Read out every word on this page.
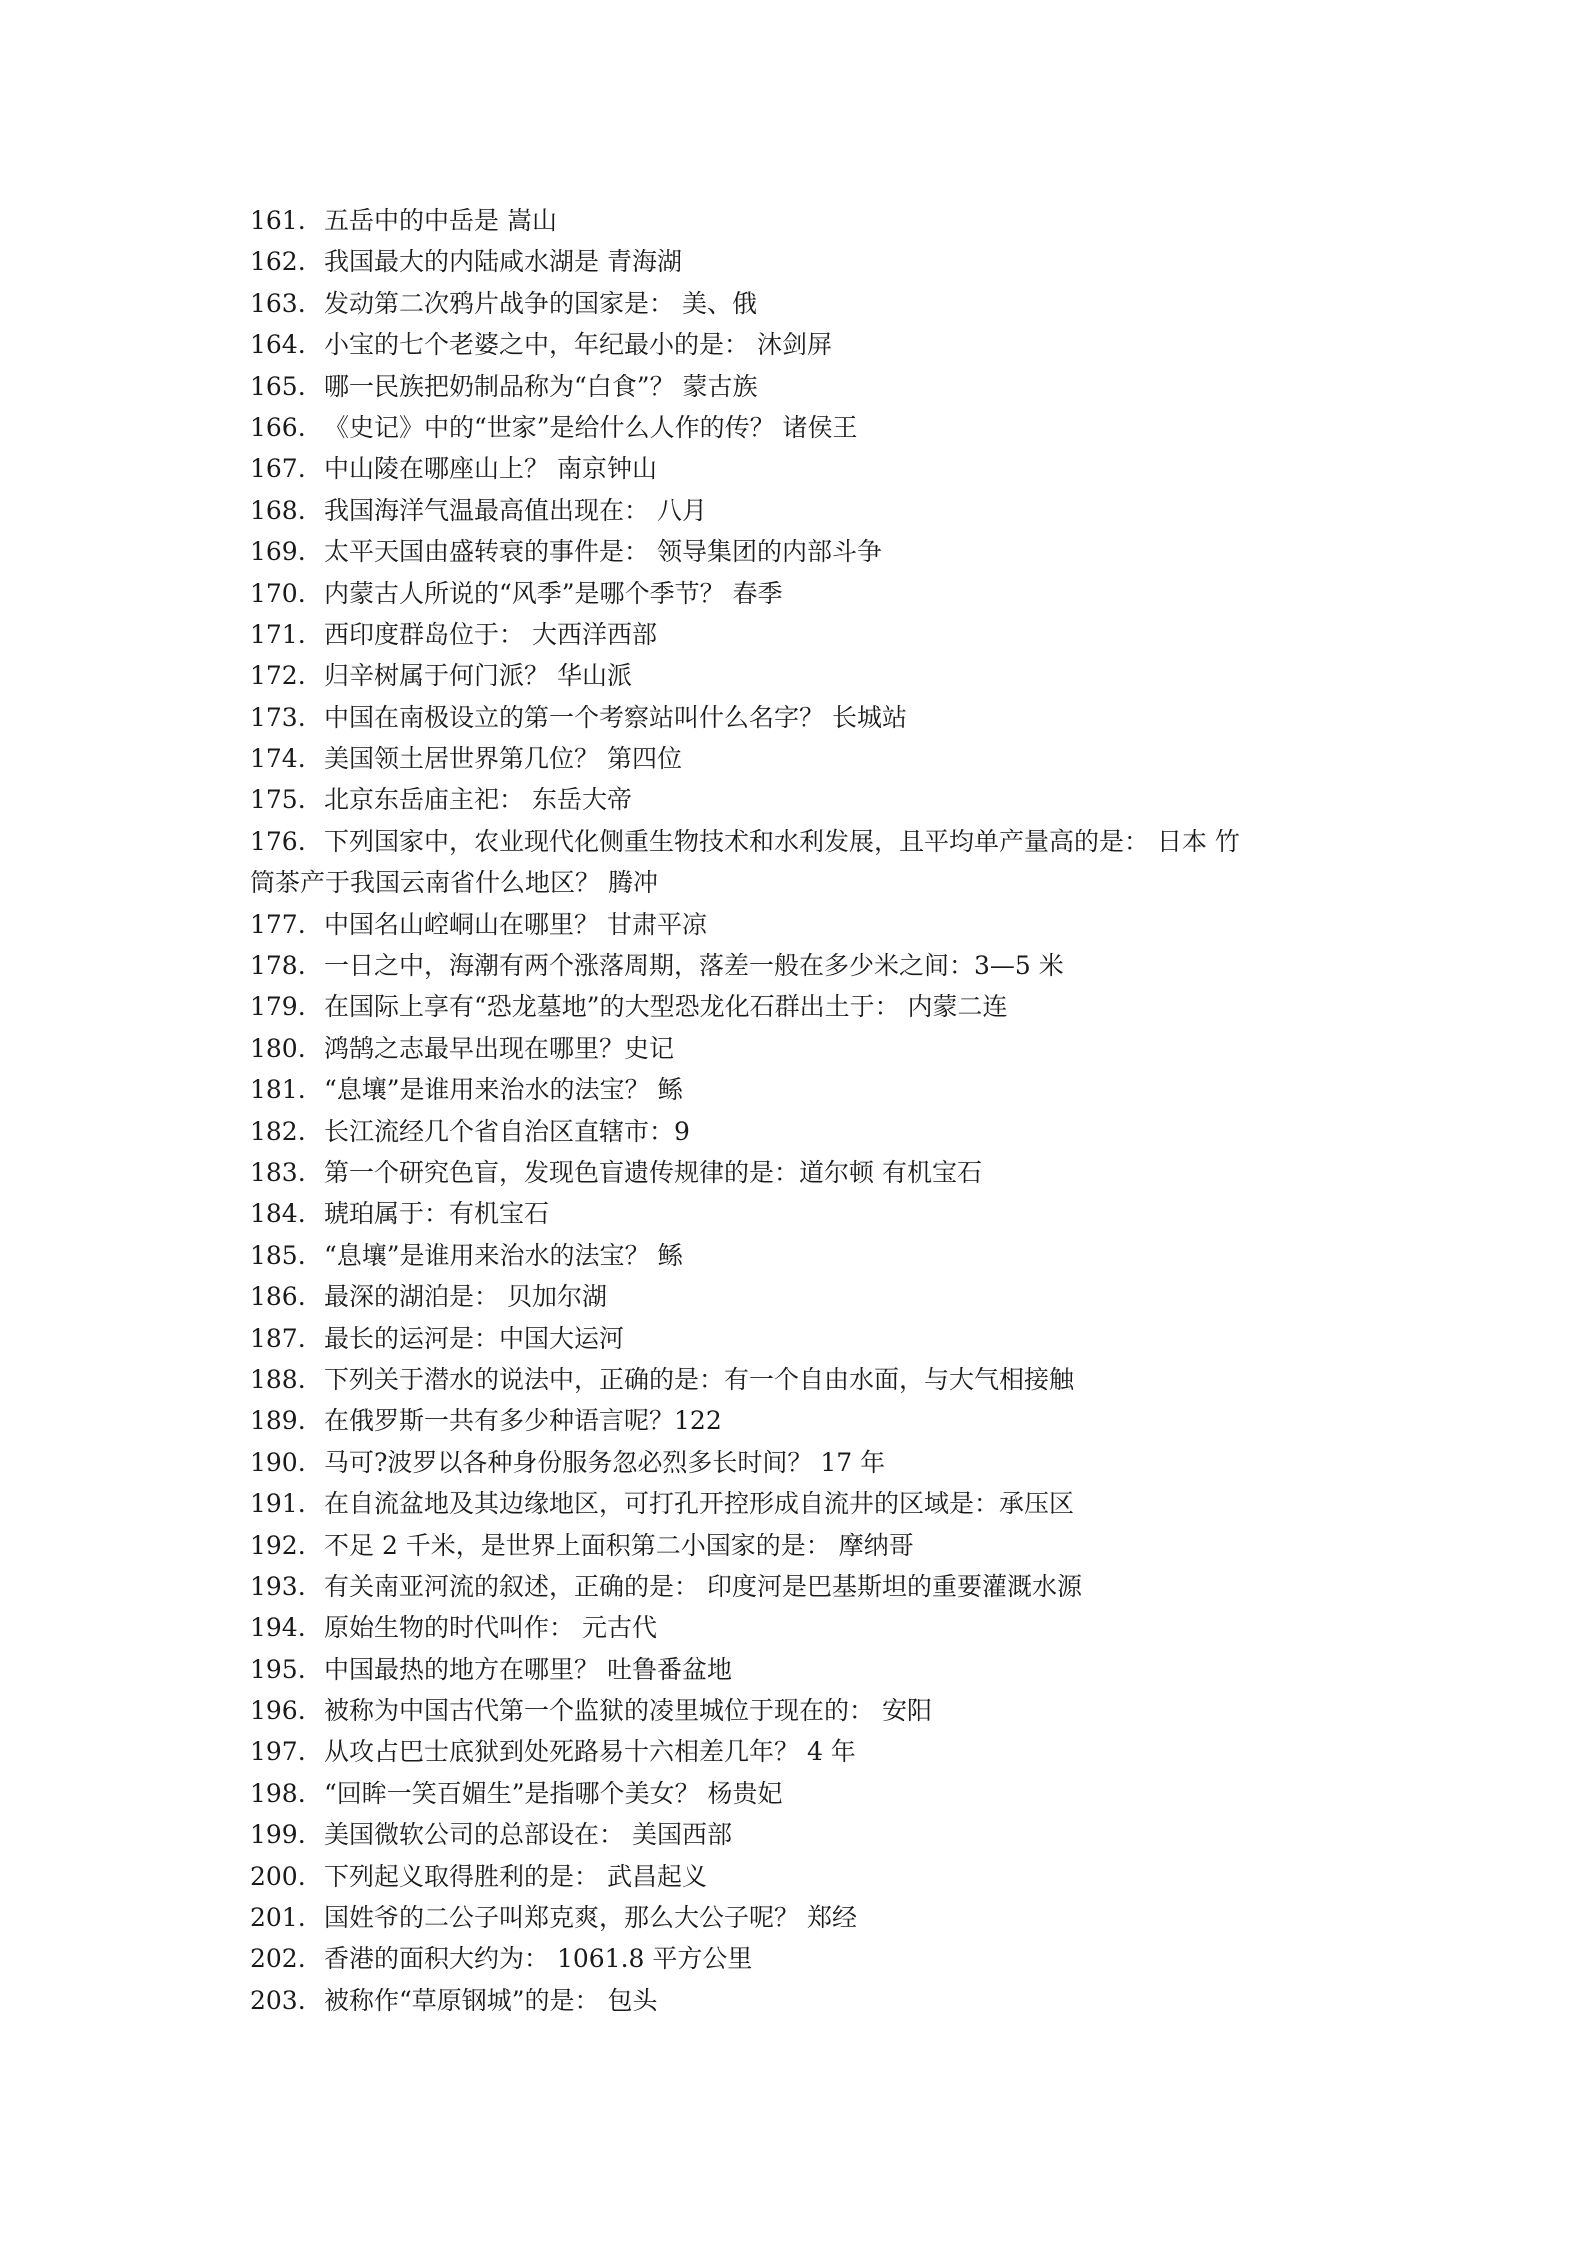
161. 五岳中的中岳是 嵩山
162. 我国最大的内陆咸水湖是 青海湖
163. 发动第二次鸦片战争的国家是： 美、俄
164. 小宝的七个老婆之中，年纪最小的是： 沐剑屏
165. 哪一民族把奶制品称为“白食”？ 蒙古族
166. 《史记》中的“世家”是给什么人作的传？ 诸侯王
167. 中山陵在哪座山上？ 南京钟山
168. 我国海洋气温最高值出现在： 八月
169. 太平天国由盛转衰的事件是： 领导集团的内部斗争
170. 内蒙古人所说的“风季”是哪个季节？ 春季
171. 西印度群岛位于： 大西洋西部
172. 归辛树属于何门派？ 华山派
173. 中国在南极设立的第一个考察站叫什么名字？ 长城站
174. 美国领土居世界第几位？ 第四位
175. 北京东岳庙主祀： 东岳大帝
176. 下列国家中，农业现代化侧重生物技术和水利发展，且平均单产量高的是： 日本 竹
筒茶产于我国云南省什么地区？ 腾冲
177. 中国名山崆峒山在哪里？ 甘肃平凉
178. 一日之中，海潮有两个涨落周期，落差一般在多少米之间：3—5 米
179. 在国际上享有“恐龙墓地”的大型恐龙化石群出土于： 内蒙二连
180. 鸿鹄之志最早出现在哪里？史记
181. “息壤”是谁用来治水的法宝？ 鲧
182. 长江流经几个省自治区直辖市：9
183. 第一个研究色盲，发现色盲遗传规律的是：道尔顿 有机宝石
184. 琥珀属于：有机宝石
185. “息壤”是谁用来治水的法宝？ 鲧
186. 最深的湖泊是： 贝加尔湖
187. 最长的运河是：中国大运河
188. 下列关于潜水的说法中，正确的是：有一个自由水面，与大气相接触
189. 在俄罗斯一共有多少种语言呢？122
190. 马可?波罗以各种身份服务忽必烈多长时间？ 17 年
191. 在自流盆地及其边缘地区，可打孔开控形成自流井的区域是：承压区
192. 不足 2 千米，是世界上面积第二小国家的是： 摩纳哥
193. 有关南亚河流的叙述，正确的是： 印度河是巴基斯坦的重要灌溉水源
194. 原始生物的时代叫作： 元古代
195. 中国最热的地方在哪里？ 吐鲁番盆地
196. 被称为中国古代第一个监狱的凌里城位于现在的： 安阳
197. 从攻占巴士底狱到处死路易十六相差几年？ 4 年
198. “回眸一笑百媚生”是指哪个美女？ 杨贵妃
199. 美国微软公司的总部设在： 美国西部
200. 下列起义取得胜利的是： 武昌起义
201. 国姓爷的二公子叫郑克爽，那么大公子呢？ 郑经
202. 香港的面积大约为： 1061.8 平方公里
203. 被称作“草原钢城”的是： 包头
